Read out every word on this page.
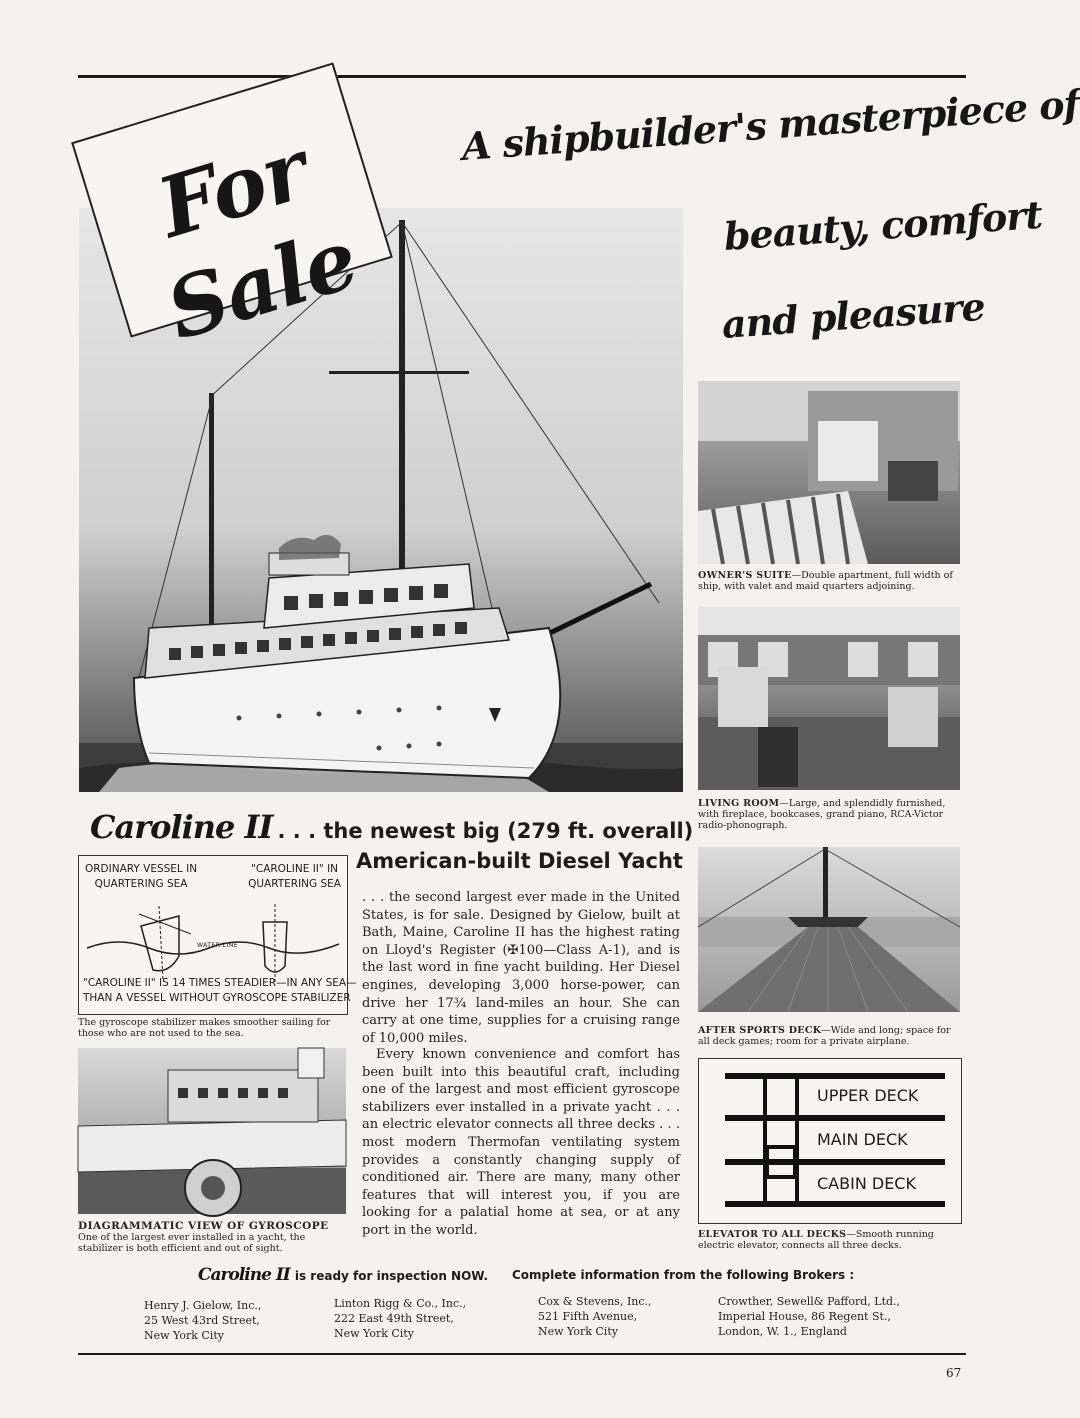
For Sale
A shipbuilder's masterpiece of
beauty, comfort
and pleasure
OWNER'S SUITE—Double apartment, full width of ship, with valet and maid quarters adjoining.
LIVING ROOM—Large, and splendidly furnished, with fireplace, bookcases, grand piano, RCA-Victor radio-phonograph.
AFTER SPORTS DECK—Wide and long; space for all deck games; room for a private airplane.
UPPER DECK
MAIN DECK
CABIN DECK
ELEVATOR TO ALL DECKS—Smooth running electric elevator, connects all three decks.
Caroline II . . . the newest big (279 ft. overall)
American-built Diesel Yacht
ORDINARY VESSEL IN
QUARTERING SEA
"CAROLINE II" IN
QUARTERING SEA
WATER LINE
"CAROLINE II" IS 14 TIMES STEADIER—IN ANY SEA—
THAN A VESSEL WITHOUT GYROSCOPE STABILIZER
The gyroscope stabilizer makes smoother sailing for those who are not used to the sea.
DIAGRAMMATIC VIEW OF GYROSCOPE
One of the largest ever installed in a yacht, the stabilizer is both efficient and out of sight.
. . . the second largest ever made in the United States, is for sale. Designed by Gielow, built at Bath, Maine, Caroline II has the highest rating on Lloyd's Register (✠100—Class A-1), and is the last word in fine yacht building. Her Diesel engines, developing 3,000 horse-power, can drive her 17¾ land-miles an hour. She can carry at one time, supplies for a cruising range of 10,000 miles.
Every known convenience and comfort has been built into this beautiful craft, including one of the largest and most efficient gyroscope stabilizers ever installed in a private yacht . . . an electric elevator connects all three decks . . . most modern Thermofan ventilating system provides a constantly changing supply of conditioned air. There are many, many other features that will interest you, if you are looking for a palatial home at sea, or at any port in the world.
Caroline II is ready for inspection NOW. Complete information from the following Brokers :
Henry J. Gielow, Inc.,
25 West 43rd Street,
New York City
Linton Rigg & Co., Inc.,
222 East 49th Street,
New York City
Cox & Stevens, Inc.,
521 Fifth Avenue,
New York City
Crowther, Sewell& Pafford, Ltd.,
Imperial House, 86 Regent St.,
London, W. 1., England
67
